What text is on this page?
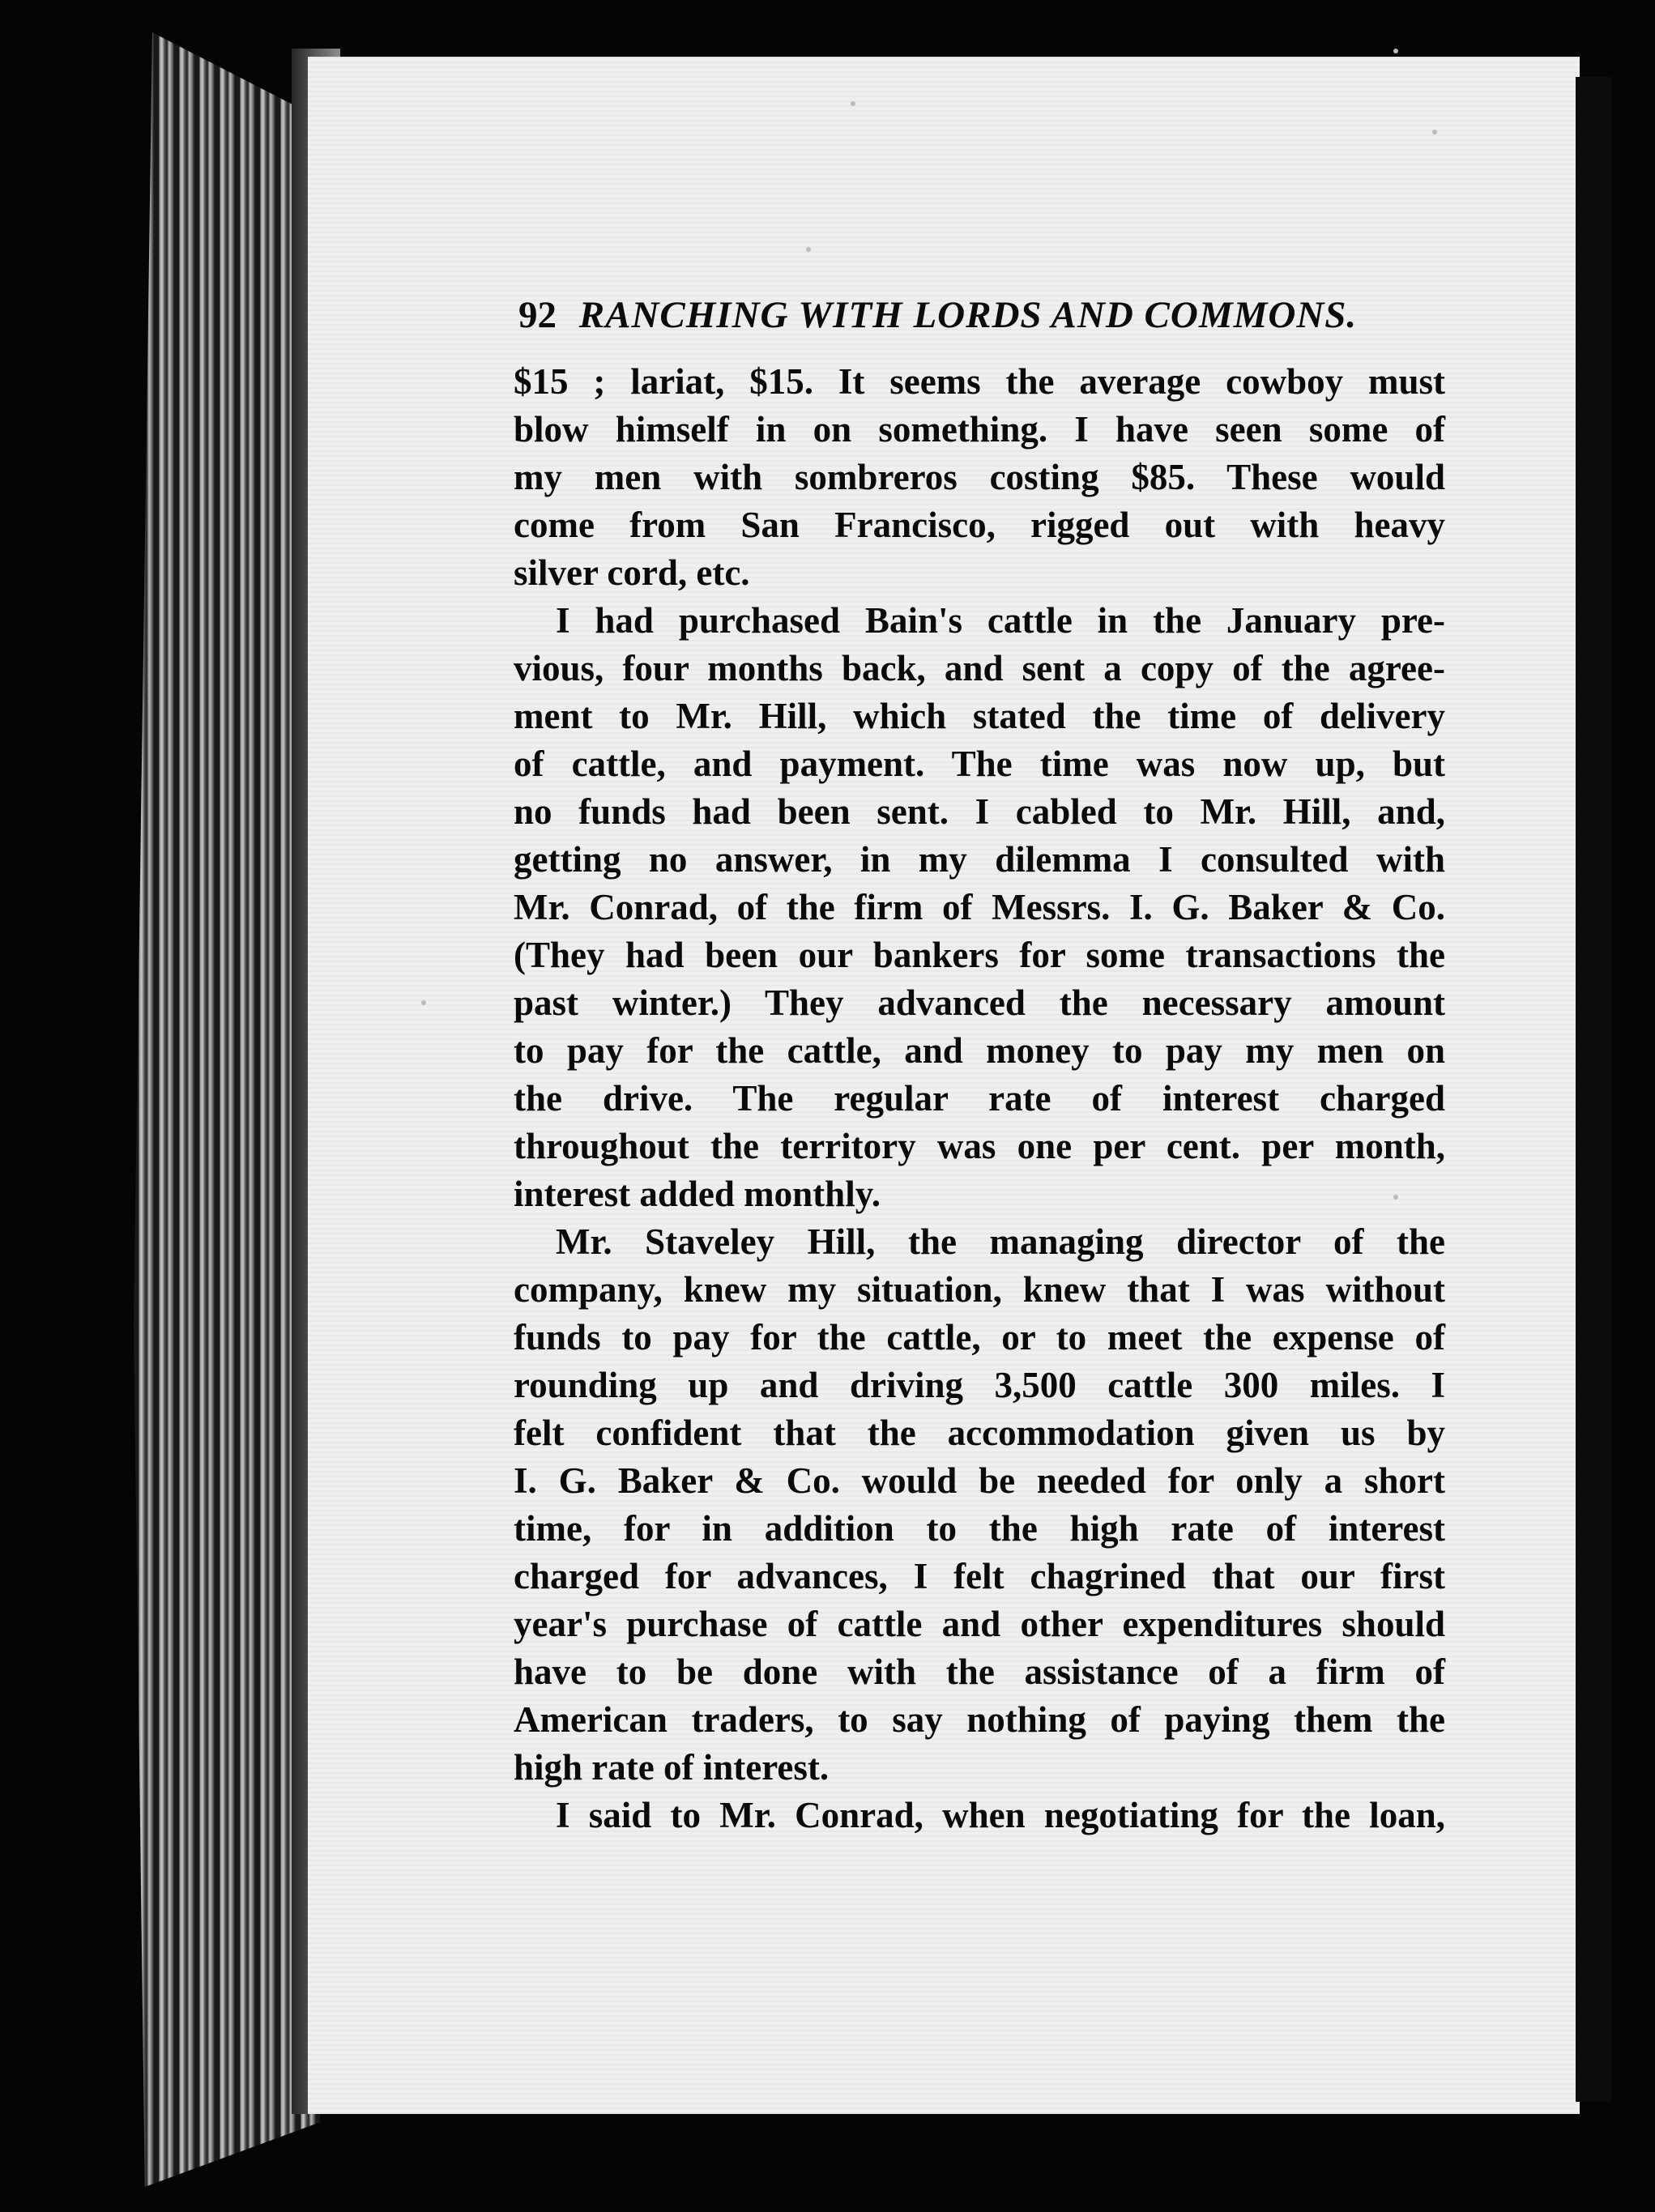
92 RANCHING WITH LORDS AND COMMONS.
$15 ; lariat, $15. It seems the average cowboy must
blow himself in on something. I have seen some of
my men with sombreros costing $85. These would
come from San Francisco, rigged out with heavy
silver cord, etc.
I had purchased Bain's cattle in the January pre-
vious, four months back, and sent a copy of the agree-
ment to Mr. Hill, which stated the time of delivery
of cattle, and payment. The time was now up, but
no funds had been sent. I cabled to Mr. Hill, and,
getting no answer, in my dilemma I consulted with
Mr. Conrad, of the firm of Messrs. I. G. Baker & Co.
(They had been our bankers for some transactions the
past winter.) They advanced the necessary amount
to pay for the cattle, and money to pay my men on
the drive. The regular rate of interest charged
throughout the territory was one per cent. per month,
interest added monthly.
Mr. Staveley Hill, the managing director of the
company, knew my situation, knew that I was without
funds to pay for the cattle, or to meet the expense of
rounding up and driving 3,500 cattle 300 miles. I
felt confident that the accommodation given us by
I. G. Baker & Co. would be needed for only a short
time, for in addition to the high rate of interest
charged for advances, I felt chagrined that our first
year's purchase of cattle and other expenditures should
have to be done with the assistance of a firm of
American traders, to say nothing of paying them the
high rate of interest.
I said to Mr. Conrad, when negotiating for the loan,
